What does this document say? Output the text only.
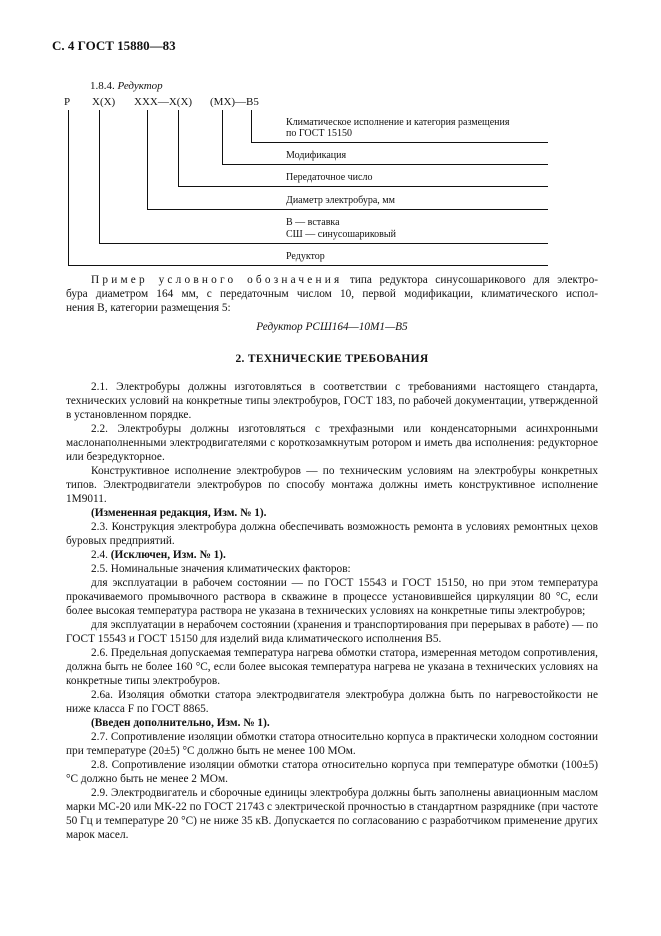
С. 4 ГОСТ 15880—83
1.8.4. Редуктор
Р Х(Х) ХХХ—Х(Х) (МХ)—В5
Климатическое исполнение и категория размещения
по ГОСТ 15150
Модификация
Передаточное число
Диаметр электробура, мм
В — вставка
СШ — синусошариковый
Редуктор
Пример условного обозначения типа редуктора синусошарикового для электро-
бура диаметром 164 мм, с передаточным числом 10, первой модификации, климатического испол-
нения В, категории размещения 5:
Редуктор РСШ164—10М1—В5
2. ТЕХНИЧЕСКИЕ ТРЕБОВАНИЯ
2.1. Электробуры должны изготовляться в соответствии с требованиями настоящего стандарта, технических условий на конкретные типы электробуров, ГОСТ 183, по рабочей документации, утвержденной в установленном порядке.
2.2. Электробуры должны изготовляться с трехфазными или конденсаторными асинхронными маслонаполненными электродвигателями с короткозамкнутым ротором и иметь два исполнения: редукторное или безредукторное.
Конструктивное исполнение электробуров — по техническим условиям на электробуры конкретных типов. Электродвигатели электробуров по способу монтажа должны иметь конструктивное исполнение 1М9011.
(Измененная редакция, Изм. № 1).
2.3. Конструкция электробура должна обеспечивать возможность ремонта в условиях ремонтных цехов буровых предприятий.
2.4. (Исключен, Изм. № 1).
2.5. Номинальные значения климатических факторов:
для эксплуатации в рабочем состоянии — по ГОСТ 15543 и ГОСТ 15150, но при этом температура прокачиваемого промывочного раствора в скважине в процессе установившейся циркуляции 80 °С, если более высокая температура раствора не указана в технических условиях на конкретные типы электробуров;
для эксплуатации в нерабочем состоянии (хранения и транспортирования при перерывах в работе) — по ГОСТ 15543 и ГОСТ 15150 для изделий вида климатического исполнения В5.
2.6. Предельная допускаемая температура нагрева обмотки статора, измеренная методом сопротивления, должна быть не более 160 °С, если более высокая температура нагрева не указана в технических условиях на конкретные типы электробуров.
2.6а. Изоляция обмотки статора электродвигателя электробура должна быть по нагревостойкости не ниже класса F по ГОСТ 8865.
(Введен дополнительно, Изм. № 1).
2.7. Сопротивление изоляции обмотки статора относительно корпуса в практически холодном состоянии при температуре (20±5) °С должно быть не менее 100 МОм.
2.8. Сопротивление изоляции обмотки статора относительно корпуса при температуре обмотки (100±5) °С должно быть не менее 2 МОм.
2.9. Электродвигатель и сборочные единицы электробура должны быть заполнены авиационным маслом марки МС-20 или МК-22 по ГОСТ 21743 с электрической прочностью в стандартном разряднике (при частоте 50 Гц и температуре 20 °С) не ниже 35 кВ. Допускается по согласованию с разработчиком применение других марок масел.
